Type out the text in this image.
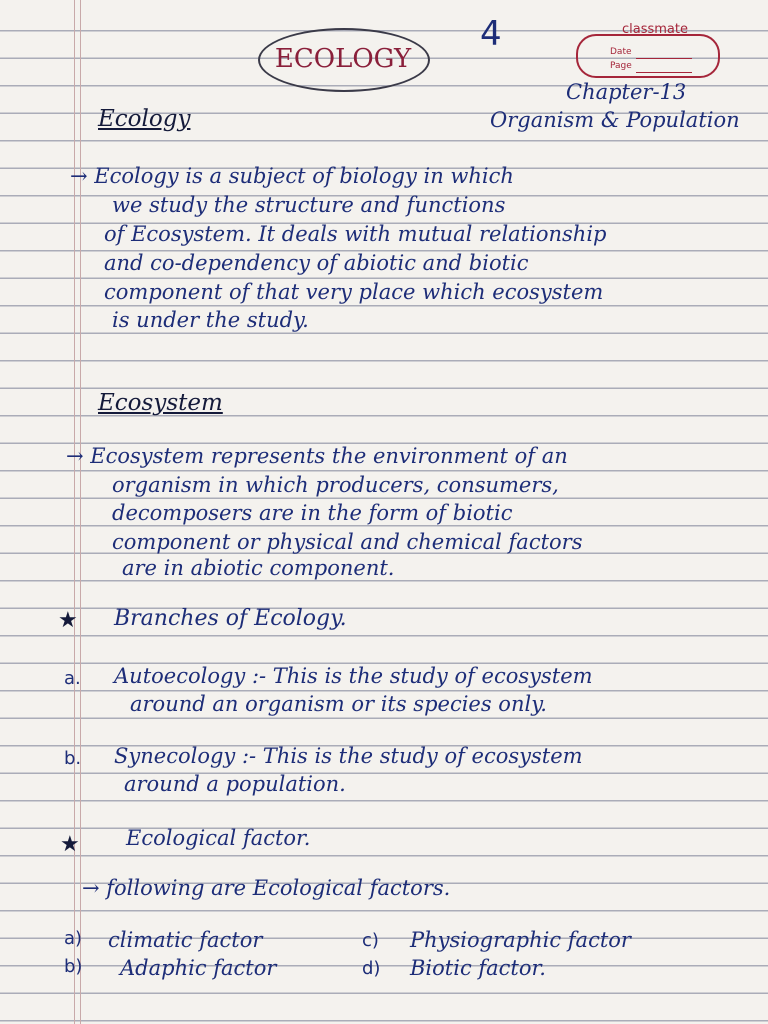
ECOLOGY
4	classmate
Date
Page
Chapter-13
Organism & Population
Ecology
→ Ecology is a subject of biology in which
we study the structure and functions
of Ecosystem. It deals with mutual relationship
and co-dependency of abiotic and biotic
component of that very place which ecosystem
is under the study.
Ecosystem
→ Ecosystem represents the environment of an
organism in which producers, consumers,
decomposers are in the form of biotic
component or physical and chemical factors
are in abiotic component.
★ Branches of Ecology.
a. Autoecology :- This is the study of ecosystem
around an organism or its species only.
b. Synecology :- This is the study of ecosystem
around a population.
★ Ecological factor.
→ following are Ecological factors.
a) climatic factor	c) Physiographic factor
b) Adaphic factor	d) Biotic factor.
